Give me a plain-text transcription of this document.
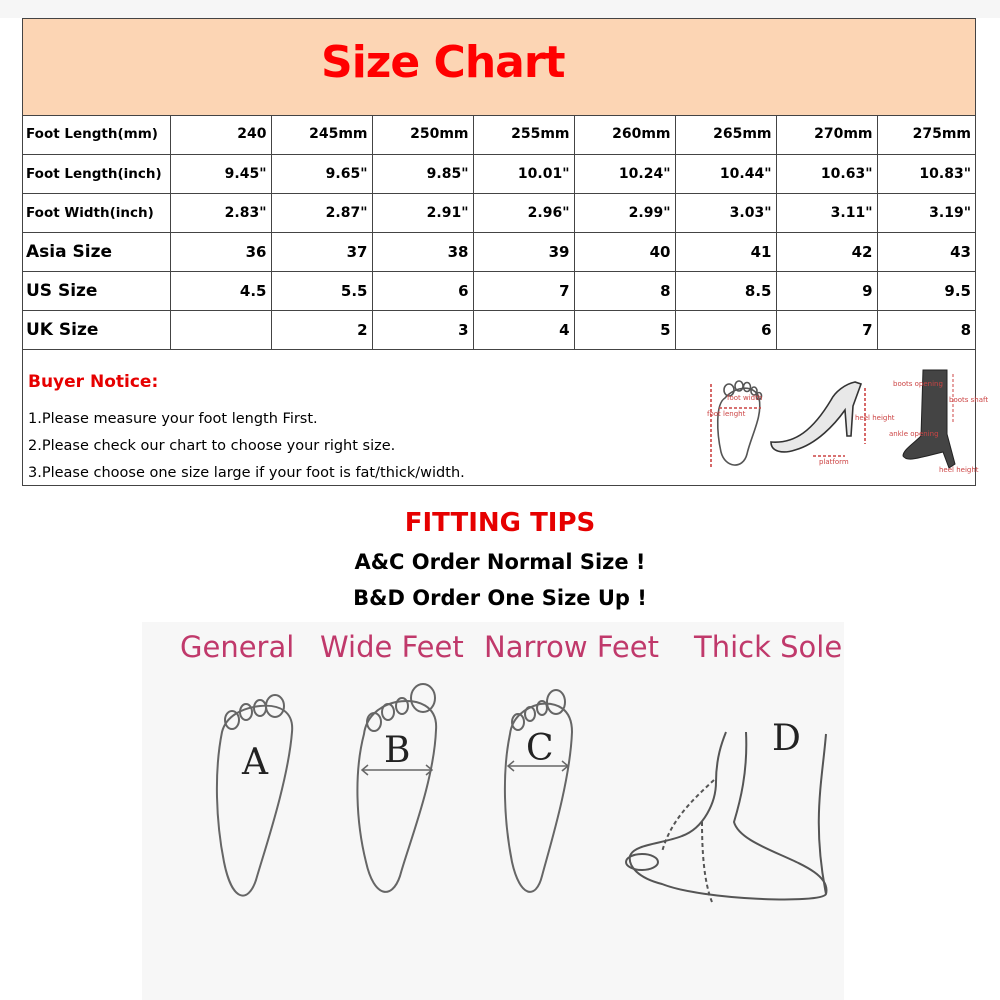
Size Chart
Foot Length(mm)	240	245mm	250mm	255mm	260mm	265mm	270mm	275mm
Foot Length(inch)	9.45"	9.65"	9.85"	10.01"	10.24"	10.44"	10.63"	10.83"
Foot Width(inch)	2.83"	2.87"	2.91"	2.96"	2.99"	3.03"	3.11"	3.19"
Asia Size	36	37	38	39	40	41	42	43
US Size	4.5	5.5	6	7	8	8.5	9	9.5
UK Size		2	3	4	5	6	7	8
Buyer Notice:
1.Please measure your foot length First.
2.Please check our chart to choose your right size.
3.Please choose one size large if your foot is fat/thick/width.
foot width
foot lenght	heel height
platform
boots opening
boots shaft
ankle opening
heel height
FITTING TIPS
A&C Order Normal Size !
B&D Order One Size Up !
General Wide Feet Narrow Feet Thick Sole
A	B	C	D
